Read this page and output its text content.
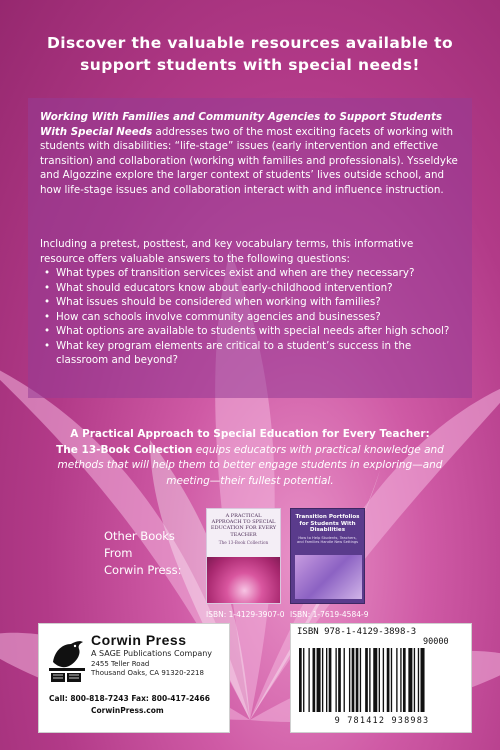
Discover the valuable resources available to support students with special needs!
Working With Families and Community Agencies to Support Students With Special Needs addresses two of the most exciting facets of working with students with disabilities: “life-stage” issues (early intervention and effective transition) and collaboration (working with families and professionals). Ysseldyke and Algozzine explore the larger context of students’ lives outside school, and how life-stage issues and collaboration interact with and influence instruction.
Including a pretest, posttest, and key vocabulary terms, this informative resource offers valuable answers to the following questions:
• What types of transition services exist and when are they necessary?
• What should educators know about early-childhood intervention?
• What issues should be considered when working with families?
• How can schools involve community agencies and businesses?
• What options are available to students with special needs after high school?
• What key program elements are critical to a student’s success in the classroom and beyond?
A Practical Approach to Special Education for Every Teacher:
The 13-Book Collection equips educators with practical knowledge and methods that will help them to better engage students in exploring—and meeting—their fullest potential.
Other Books
From
Corwin Press:
A PRACTICAL APPROACH TO SPECIAL EDUCATION FOR EVERY TEACHER
The 13-Book Collection
Transition Portfolios for Students With Disabilities
How to Help Students, Teachers, and Families Handle New Settings
ISBN: 1-4129-3907-0 ISBN: 1-7619-4584-9
Corwin Press
A SAGE Publications Company
2455 Teller Road
Thousand Oaks, CA 91320-2218
Call: 800-818-7243 Fax: 800-417-2466
CorwinPress.com
ISBN 978-1-4129-3898-3
90000
9 781412 938983
